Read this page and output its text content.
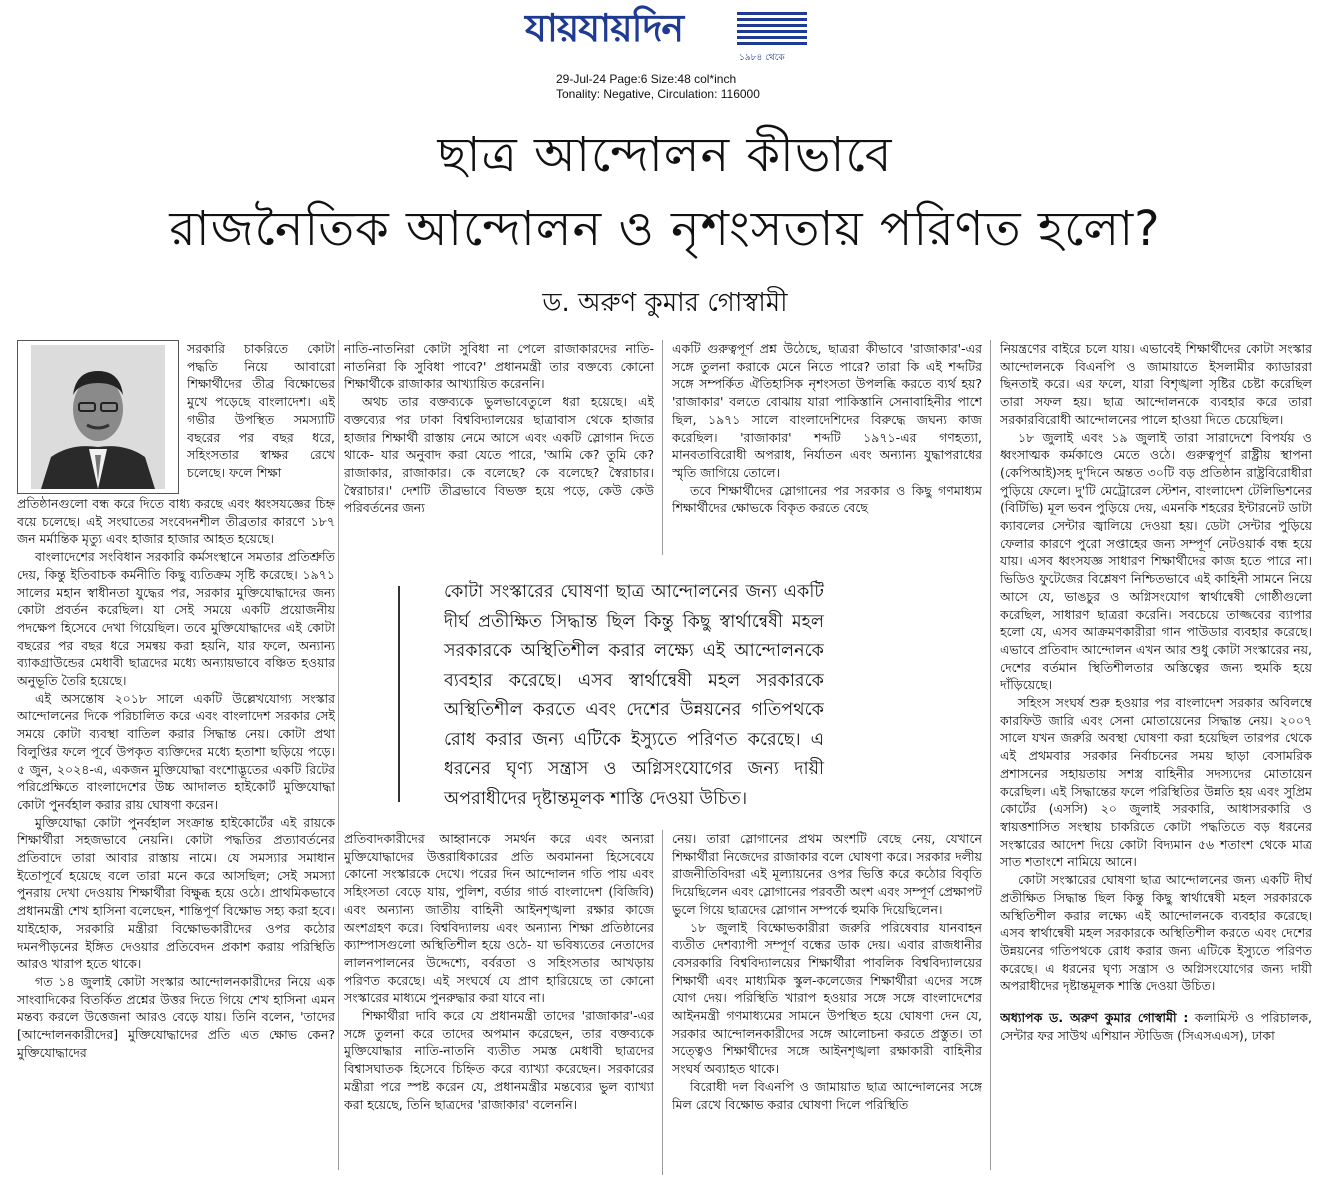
যায়যায়দিন
১৯৮৪ থেকে
29-Jul-24 Page:6 Size:48 col*inch
Tonality: Negative, Circulation: 116000
ছাত্র আন্দোলন কীভাবে
রাজনৈতিক আন্দোলন ও নৃশংসতায় পরিণত হলো?
ড. অরুণ কুমার গোস্বামী

সরকারি চাকরিতে কোটা পদ্ধতি নিয়ে আবারো শিক্ষার্থীদের তীব্র বিক্ষোভের মুখে পড়েছে বাংলাদেশ। এই গভীর উপস্থিত সমস্যাটি বছরের পর বছর ধরে, সহিংসতার স্বাক্ষর রেখে চলেছে। ফলে শিক্ষা

প্রতিষ্ঠানগুলো বন্ধ করে দিতে বাধ্য করছে এবং ধ্বংসযজ্ঞের চিহ্ন বয়ে চলেছে। এই সংঘাতের সংবেদনশীল তীব্রতার কারণে ১৮৭ জন মর্মান্তিক মৃত্যু এবং হাজার হাজার আহত হয়েছে।

বাংলাদেশের সংবিধান সরকারি কর্মসংস্থানে সমতার প্রতিশ্রুতি দেয়, কিন্তু ইতিবাচক কর্মনীতি কিছু ব্যতিক্রম সৃষ্টি করেছে। ১৯৭১ সালের মহান স্বাধীনতা যুদ্ধের পর, সরকার মুক্তিযোদ্ধাদের জন্য কোটা প্রবর্তন করেছিল। যা সেই সময়ে একটি প্রয়োজনীয় পদক্ষেপ হিসেবে দেখা গিয়েছিল। তবে মুক্তিযোদ্ধাদের এই কোটা বছরের পর বছর ধরে সমন্বয় করা হয়নি, যার ফলে, অন্যান্য ব্যাকগ্রাউন্ডের মেধাবী ছাত্রদের মধ্যে অন্যায়ভাবে বঞ্চিত হওয়ার অনুভূতি তৈরি হয়েছে।

এই অসন্তোষ ২০১৮ সালে একটি উল্লেখযোগ্য সংস্কার আন্দোলনের দিকে পরিচালিত করে এবং বাংলাদেশ সরকার সেই সময়ে কোটা ব্যবস্থা বাতিল করার সিদ্ধান্ত নেয়। কোটা প্রথা বিলুপ্তির ফলে পূর্বে উপকৃত ব্যক্তিদের মধ্যে হতাশা ছড়িয়ে পড়ে। ৫ জুন, ২০২৪-এ, একজন মুক্তিযোদ্ধা বংশোদ্ভূতের একটি রিটের পরিপ্রেক্ষিতে বাংলাদেশের উচ্চ আদালত হাইকোর্ট মুক্তিযোদ্ধা কোটা পুনর্বহাল করার রায় ঘোষণা করেন।

মুক্তিযোদ্ধা কোটা পুনর্বহাল সংক্রান্ত হাইকোর্টের এই রায়কে শিক্ষার্থীরা সহজভাবে নেয়নি। কোটা পদ্ধতির প্রত্যাবর্তনের প্রতিবাদে তারা আবার রাস্তায় নামে। যে সমস্যার সমাধান ইতোপূর্বে হয়েছে বলে তারা মনে করে আসছিল; সেই সমস্যা পুনরায় দেখা দেওয়ায় শিক্ষার্থীরা বিক্ষুব্ধ হয়ে ওঠে। প্রাথমিকভাবে প্রধানমন্ত্রী শেখ হাসিনা বলেছেন, শান্তিপূর্ণ বিক্ষোভ সহ্য করা হবে। যাইহোক, সরকারি মন্ত্রীরা বিক্ষোভকারীদের ওপর কঠোর দমনপীড়নের ইঙ্গিত দেওয়ার প্রতিবেদন প্রকাশ করায় পরিস্থিতি আরও খারাপ হতে থাকে।

গত ১৪ জুলাই কোটা সংস্কার আন্দোলনকারীদের নিয়ে এক সাংবাদিকের বিতর্কিত প্রশ্নের উত্তর দিতে গিয়ে শেখ হাসিনা এমন মন্তব্য করলে উত্তেজনা আরও বেড়ে যায়। তিনি বলেন, 'তাদের [আন্দোলনকারীদের] মুক্তিযোদ্ধাদের প্রতি এত ক্ষোভ কেন? মুক্তিযোদ্ধাদের

নাতি-নাতনিরা কোটা সুবিধা না পেলে রাজাকারদের নাতি-নাতনিরা কি সুবিধা পাবে?' প্রধানমন্ত্রী তার বক্তব্যে কোনো শিক্ষার্থীকে রাজাকার আখ্যায়িত করেননি।

অথচ তার বক্তব্যকে ভুলভাবেতুলে ধরা হয়েছে। এই বক্তব্যের পর ঢাকা বিশ্ববিদ্যালয়ের ছাত্রাবাস থেকে হাজার হাজার শিক্ষার্থী রাস্তায় নেমে আসে এবং একটি স্লোগান দিতে থাকে- যার অনুবাদ করা যেতে পারে, 'আমি কে? তুমি কে? রাজাকার, রাজাকার। কে বলেছে? কে বলেছে? স্বৈরাচার। স্বৈরাচার।' দেশটি তীব্রভাবে বিভক্ত হয়ে পড়ে, কেউ কেউ পরিবর্তনের জন্য

একটি গুরুত্বপূর্ণ প্রশ্ন উঠেছে, ছাত্ররা কীভাবে 'রাজাকার'-এর সঙ্গে তুলনা করাকে মেনে নিতে পারে? তারা কি এই শব্দটির সঙ্গে সম্পর্কিত ঐতিহাসিক নৃশংসতা উপলব্ধি করতে ব্যর্থ হয়? 'রাজাকার' বলতে বোঝায় যারা পাকিস্তানি সেনাবাহিনীর পাশে ছিল, ১৯৭১ সালে বাংলাদেশিদের বিরুদ্ধে জঘন্য কাজ করেছিল। 'রাজাকার' শব্দটি ১৯৭১-এর গণহত্যা, মানবতাবিরোধী অপরাধ, নির্যাতন এবং অন্যান্য যুদ্ধাপরাধের স্মৃতি জাগিয়ে তোলে।

তবে শিক্ষার্থীদের স্লোগানের পর সরকার ও কিছু গণমাধ্যম শিক্ষার্থীদের ক্ষোভকে বিকৃত করতে বেছে

কোটা সংস্কারের ঘোষণা ছাত্র আন্দোলনের জন্য একটি দীর্ঘ প্রতীক্ষিত সিদ্ধান্ত ছিল কিন্তু কিছু স্বার্থান্বেষী মহল সরকারকে অস্থিতিশীল করার লক্ষ্যে এই আন্দোলনকে ব্যবহার করেছে। এসব স্বার্থান্বেষী মহল সরকারকে অস্থিতিশীল করতে এবং দেশের উন্নয়নের গতিপথকে রোধ করার জন্য এটিকে ইস্যুতে পরিণত করেছে। এ ধরনের ঘৃণ্য সন্ত্রাস ও অগ্নিসংযোগের জন্য দায়ী অপরাধীদের দৃষ্টান্তমূলক শাস্তি দেওয়া উচিত।

প্রতিবাদকারীদের আহ্বানকে সমর্থন করে এবং অন্যরা মুক্তিযোদ্ধাদের উত্তরাধিকারের প্রতি অবমাননা হিসেবেযে কোনো সংস্কারকে দেখে। পরের দিন আন্দোলন গতি পায় এবং সহিংসতা বেড়ে যায়, পুলিশ, বর্ডার গার্ড বাংলাদেশ (বিজিবি) এবং অন্যান্য জাতীয় বাহিনী আইনশৃঙ্খলা রক্ষার কাজে অংশগ্রহণ করে। বিশ্ববিদ্যালয় এবং অন্যান্য শিক্ষা প্রতিষ্ঠানের ক্যাম্পাসগুলো অস্থিতিশীল হয়ে ওঠে- যা ভবিষ্যতের নেতাদের লালনপালনের উদ্দেশ্যে, বর্বরতা ও সহিংসতার আখড়ায় পরিণত করেছে। এই সংঘর্ষে যে প্রাণ হারিয়েছে তা কোনো সংস্কারের মাধ্যমে পুনরুদ্ধার করা যাবে না।

শিক্ষার্থীরা দাবি করে যে প্রধানমন্ত্রী তাদের 'রাজাকার'-এর সঙ্গে তুলনা করে তাদের অপমান করেছেন, তার বক্তব্যকে মুক্তিযোদ্ধার নাতি-নাতনি ব্যতীত সমস্ত মেধাবী ছাত্রদের বিশ্বাসঘাতক হিসেবে চিহ্নিত করে ব্যাখ্যা করেছেন। সরকারের মন্ত্রীরা পরে স্পষ্ট করেন যে, প্রধানমন্ত্রীর মন্তব্যের ভুল ব্যাখ্যা করা হয়েছে, তিনি ছাত্রদের 'রাজাকার' বলেননি।

নেয়। তারা স্লোগানের প্রথম অংশটি বেছে নেয়, যেখানে শিক্ষার্থীরা নিজেদের রাজাকার বলে ঘোষণা করে। সরকার দলীয় রাজনীতিবিদরা এই মূল্যায়নের ওপর ভিত্তি করে কঠোর বিবৃতি দিয়েছিলেন এবং স্লোগানের পরবর্তী অংশ এবং সম্পূর্ণ প্রেক্ষাপট ভুলে গিয়ে ছাত্রদের স্লোগান সম্পর্কে হুমকি দিয়েছিলেন।

১৮ জুলাই বিক্ষোভকারীরা জরুরি পরিষেবার যানবাহন ব্যতীত দেশব্যাপী সম্পূর্ণ বন্ধের ডাক দেয়। এবার রাজধানীর বেসরকারি বিশ্ববিদ্যালয়ের শিক্ষার্থীরা পাবলিক বিশ্ববিদ্যালয়ের শিক্ষার্থী এবং মাধ্যমিক স্কুল-কলেজের শিক্ষার্থীরা এদের সঙ্গে যোগ দেয়। পরিস্থিতি খারাপ হওয়ার সঙ্গে সঙ্গে বাংলাদেশের আইনমন্ত্রী গণমাধ্যমের সামনে উপস্থিত হয়ে ঘোষণা দেন যে, সরকার আন্দোলনকারীদের সঙ্গে আলোচনা করতে প্রস্তুত। তা সত্ত্বেও শিক্ষার্থীদের সঙ্গে আইনশৃঙ্খলা রক্ষাকারী বাহিনীর সংঘর্ষ অব্যাহত থাকে।

বিরোধী দল বিএনপি ও জামায়াত ছাত্র আন্দোলনের সঙ্গে মিল রেখে বিক্ষোভ করার ঘোষণা দিলে পরিস্থিতি

নিয়ন্ত্রণের বাইরে চলে যায়। এভাবেই শিক্ষার্থীদের কোটা সংস্কার আন্দোলনকে বিএনপি ও জামায়াতে ইসলামীর ক্যাডাররা ছিনতাই করে। এর ফলে, যারা বিশৃঙ্খলা সৃষ্টির চেষ্টা করেছিল তারা সফল হয়। ছাত্র আন্দোলনকে ব্যবহার করে তারা সরকারবিরোধী আন্দোলনের পালে হাওয়া দিতে চেয়েছিল।

১৮ জুলাই এবং ১৯ জুলাই তারা সারাদেশে বিপর্যয় ও ধ্বংসাত্মক কর্মকাণ্ডে মেতে ওঠে। গুরুত্বপূর্ণ রাষ্ট্রীয় স্থাপনা (কেপিআই)সহ দু'দিনে অন্তত ৩০টি বড় প্রতিষ্ঠান রাষ্ট্রবিরোধীরা পুড়িয়ে ফেলে। দু'টি মেট্রোরেল স্টেশন, বাংলাদেশ টেলিভিশনের (বিটিভি) মূল ভবন পুড়িয়ে দেয়, এমনকি শহরের ইন্টারনেট ডাটা ক্যাবলের সেন্টার জ্বালিয়ে দেওয়া হয়। ডেটা সেন্টার পুড়িয়ে ফেলার কারণে পুরো সপ্তাহের জন্য সম্পূর্ণ নেটওয়ার্ক বন্ধ হয়ে যায়। এসব ধ্বংসযজ্ঞ সাধারণ শিক্ষার্থীদের কাজ হতে পারে না। ভিডিও ফুটেজের বিশ্লেষণ নিশ্চিতভাবে এই কাহিনী সামনে নিয়ে আসে যে, ভাঙচুর ও অগ্নিসংযোগ স্বার্থান্বেষী গোষ্ঠীগুলো করেছিল, সাধারণ ছাত্ররা করেনি। সবচেয়ে তাজ্জবের ব্যাপার হলো যে, এসব আক্রমণকারীরা গান পাউডার ব্যবহার করেছে। এভাবে প্রতিবাদ আন্দোলন এখন আর শুধু কোটা সংস্কারের নয়, দেশের বর্তমান স্থিতিশীলতার অস্তিত্বের জন্য হুমকি হয়ে দাঁড়িয়েছে।

সহিংস সংঘর্ষ শুরু হওয়ার পর বাংলাদেশ সরকার অবিলম্বে কারফিউ জারি এবং সেনা মোতায়েনের সিদ্ধান্ত নেয়। ২০০৭ সালে যখন জরুরি অবস্থা ঘোষণা করা হয়েছিল তারপর থেকে এই প্রথমবার সরকার নির্বাচনের সময় ছাড়া বেসামরিক প্রশাসনের সহায়তায় সশস্ত্র বাহিনীর সদস্যদের মোতায়েন করেছিল। এই সিদ্ধান্তের ফলে পরিস্থিতির উন্নতি হয় এবং সুপ্রিম কোর্টের (এসসি) ২০ জুলাই সরকারি, আধাসরকারি ও স্বায়ত্তশাসিত সংস্থায় চাকরিতে কোটা পদ্ধতিতে বড় ধরনের সংস্কারের আদেশ দিয়ে কোটা বিদ্যমান ৫৬ শতাংশ থেকে মাত্র সাত শতাংশে নামিয়ে আনে।

কোটা সংস্কারের ঘোষণা ছাত্র আন্দোলনের জন্য একটি দীর্ঘ প্রতীক্ষিত সিদ্ধান্ত ছিল কিন্তু কিছু স্বার্থান্বেষী মহল সরকারকে অস্থিতিশীল করার লক্ষ্যে এই আন্দোলনকে ব্যবহার করেছে। এসব স্বার্থান্বেষী মহল সরকারকে অস্থিতিশীল করতে এবং দেশের উন্নয়নের গতিপথকে রোধ করার জন্য এটিকে ইস্যুতে পরিণত করেছে। এ ধরনের ঘৃণ্য সন্ত্রাস ও অগ্নিসংযোগের জন্য দায়ী অপরাধীদের দৃষ্টান্তমূলক শাস্তি দেওয়া উচিত।

অধ্যাপক ড. অরুণ কুমার গোস্বামী : কলামিস্ট ও পরিচালক, সেন্টার ফর সাউথ এশিয়ান স্টাডিজ (সিএসএএস), ঢাকা
